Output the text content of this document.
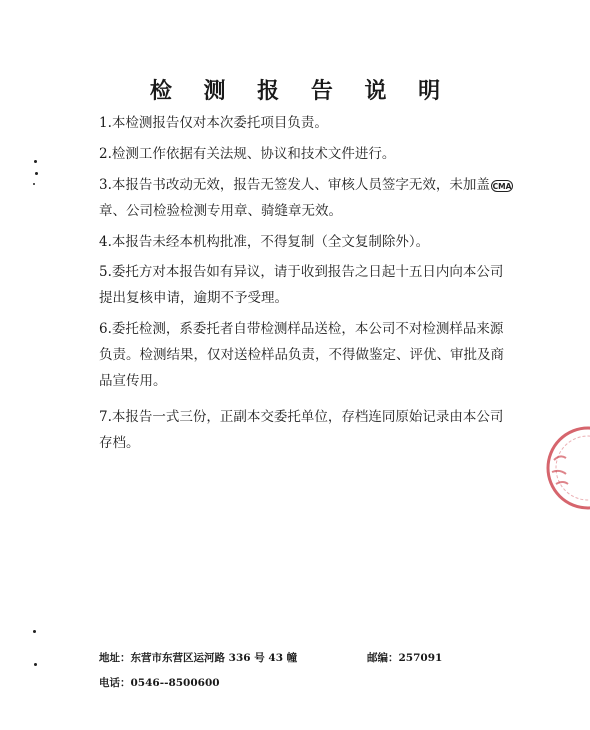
检 测 报 告 说 明

1.本检测报告仅对本次委托项目负责。

2.检测工作依据有关法规、协议和技术文件进行。

3.本报告书改动无效，报告无签发人、审核人员签字无效，未加盖 CMA

章、公司检验检测专用章、骑缝章无效。

4.本报告未经本机构批准，不得复制（全文复制除外）。

5.委托方对本报告如有异议，请于收到报告之日起十五日内向本公司

提出复核申请，逾期不予受理。

6.委托检测，系委托者自带检测样品送检，本公司不对检测样品来源

负责。检测结果，仅对送检样品负责，不得做鉴定、评优、审批及商

品宣传用。

7.本报告一式三份，正副本交委托单位，存档连同原始记录由本公司

存档。

地址：东营市东营区运河路 336 号 43 幢	邮编：257091
电话：0546--8500600
